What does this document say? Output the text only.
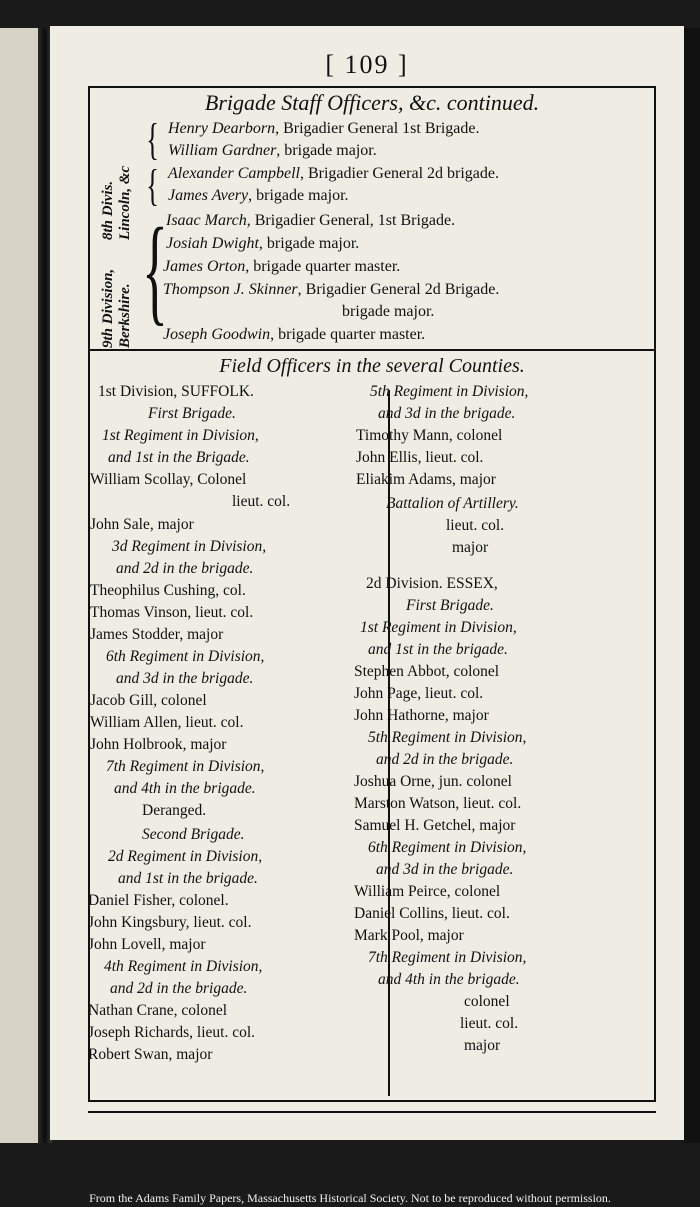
[ 109 ]
Brigade Staff Officers, &c. continued.
8th Divis.
Lincoln, &c
9th Division,
Berkshire.
{
{
{
Henry Dearborn, Brigadier General 1st Brigade.
William Gardner, brigade major.
Alexander Campbell, Brigadier General 2d brigade.
James Avery, brigade major.
Isaac March, Brigadier General, 1st Brigade.
Josiah Dwight, brigade major.
James Orton, brigade quarter master.
Thompson J. Skinner, Brigadier General 2d Brigade.
brigade major.
Joseph Goodwin, brigade quarter master.
Field Officers in the several Counties.
1st Division, SUFFOLK.
First Brigade.
1st Regiment in Division,
and 1st in the Brigade.
William Scollay, Colonel
lieut. col.
John Sale, major
3d Regiment in Division,
and 2d in the brigade.
Theophilus Cushing, col.
Thomas Vinson, lieut. col.
James Stodder, major
6th Regiment in Division,
and 3d in the brigade.
Jacob Gill, colonel
William Allen, lieut. col.
John Holbrook, major
7th Regiment in Division,
and 4th in the brigade.
Deranged.
Second Brigade.
2d Regiment in Division,
and 1st in the brigade.
Daniel Fisher, colonel.
John Kingsbury, lieut. col.
John Lovell, major
4th Regiment in Division,
and 2d in the brigade.
Nathan Crane, colonel
Joseph Richards, lieut. col.
Robert Swan, major
5th Regiment in Division,
and 3d in the brigade.
Timothy Mann, colonel
John Ellis, lieut. col.
Eliakim Adams, major
Battalion of Artillery.
lieut. col.
major
2d Division. ESSEX,
First Brigade.
1st Regiment in Division,
and 1st in the brigade.
Stephen Abbot, colonel
John Page, lieut. col.
John Hathorne, major
5th Regiment in Division,
and 2d in the brigade.
Joshua Orne, jun. colonel
Marston Watson, lieut. col.
Samuel H. Getchel, major
6th Regiment in Division,
and 3d in the brigade.
William Peirce, colonel
Daniel Collins, lieut. col.
Mark Pool, major
7th Regiment in Division,
and 4th in the brigade.
colonel
lieut. col.
major
From the Adams Family Papers, Massachusetts Historical Society. Not to be reproduced without permission.
